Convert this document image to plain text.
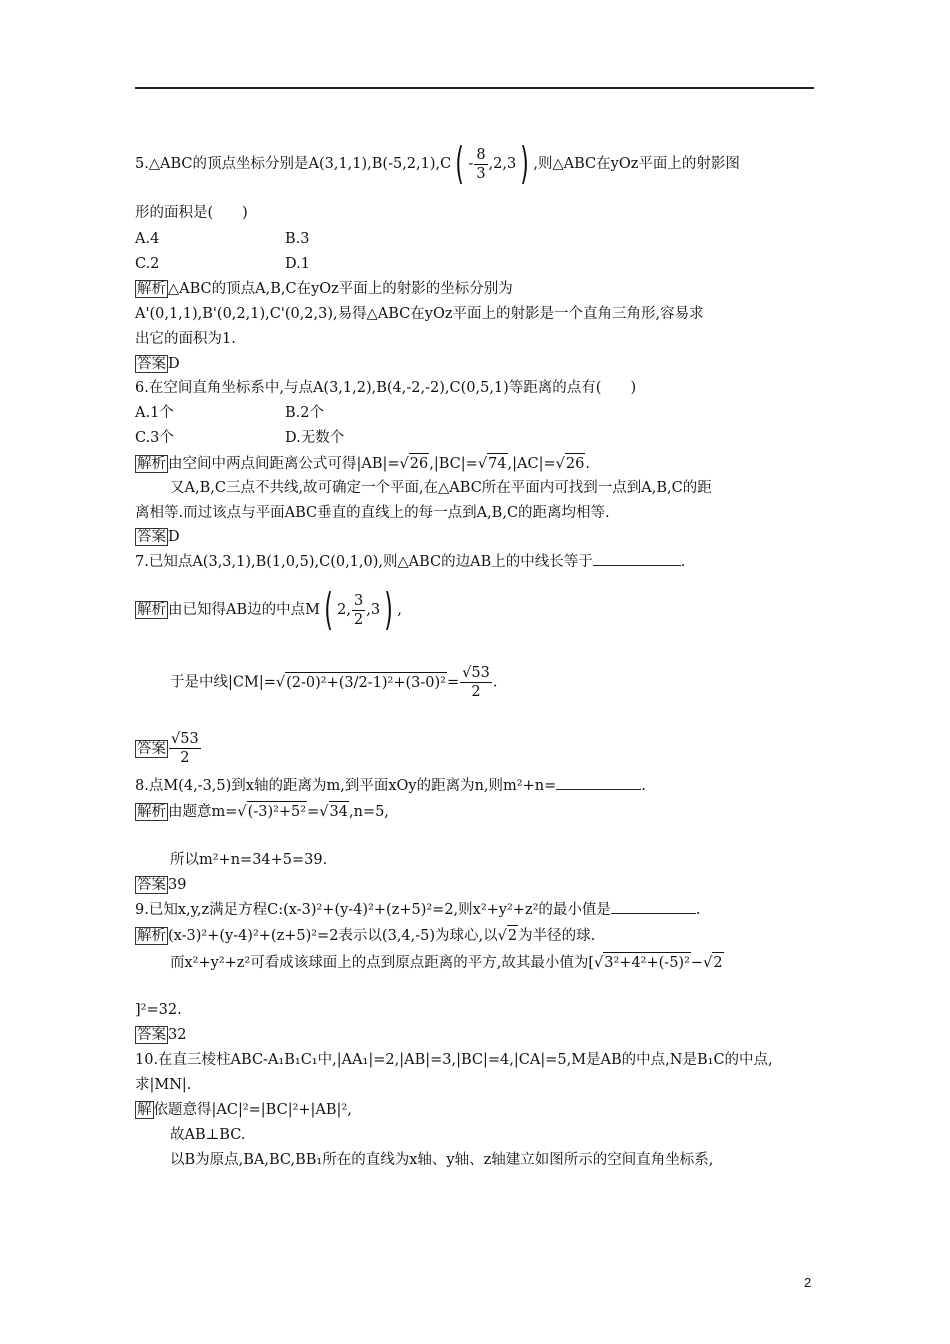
5.△ABC的顶点坐标分别是$A(3,1,1),B(-5,2,1),C( - \frac{8}{3} ,2,3)$ ,则△ABC在yOz平面上的射影图
形的面积是(　　)
A.4	B.3
C.2	D.1
解析 △ABC的顶点A,B,C在yOz平面上的射影的坐标分别为
A'(0,1,1),B'(0,2,1),C'(0,2,3),易得△ABC在yOz平面上的射影是一个直角三角形,容易求
出它的面积为1.
答案 D
6.在空间直角坐标系中,与点A(3,1,2),B(4,-2,-2),C(0,5,1)等距离的点有(　　)
A.1个	B.2个
C.3个	D.无数个
解析 由空间中两点间距离公式可得|AB|=√26,|BC|=√74,|AC|=√26.
又A,B,C三点不共线,故可确定一个平面,在△ABC所在平面内可找到一点到A,B,C的距
离相等.而过该点与平面ABC垂直的直线上的每一点到A,B,C的距离均相等.
答案 D
7.已知点A(3,3,1),B(1,0,5),C(0,1,0),则△ABC的边AB上的中线长等于	.
解析 由已知得AB边的中点M( 2, $\frac{3}{2} ,3$) ,
于是中线$|CM|=√(2-0)^2+(3/2-1)^2+(3-0)^2= \frac{√53}{2}$ .
答案 $\frac{√53}{2}$
8.点M(4,-3,5)到x轴的距离为m,到平面xOy的距离为n,则m²+n=	.
解析 由题意m=√(-3)²+5²=√34,n=5,
所以m²+n=34+5=39.
答案 39
9.已知x,y,z满足方程C:(x-3)²+(y-4)²+(z+5)²=2,则x²+y²+z²的最小值是	.
解析 (x-3)²+(y-4)²+(z+5)²=2表示以(3,4,-5)为球心,以√2为半径的球.
而x²+y²+z²可看成该球面上的点到原点距离的平方,故其最小值为[√3²+4²+(-5)²−√2
]²=32.
答案 32
10.在直三棱柱ABC-A₁B₁C₁中,|AA₁|=2,|AB|=3,|BC|=4,|CA|=5,M是AB的中点,N是B₁C的中点,
求|MN|.
解 依题意得|AC|²=|BC|²+|AB|²,
故AB⊥BC.
以B为原点,BA,BC,BB₁所在的直线为x轴、y轴、z轴建立如图所示的空间直角坐标系,
2
